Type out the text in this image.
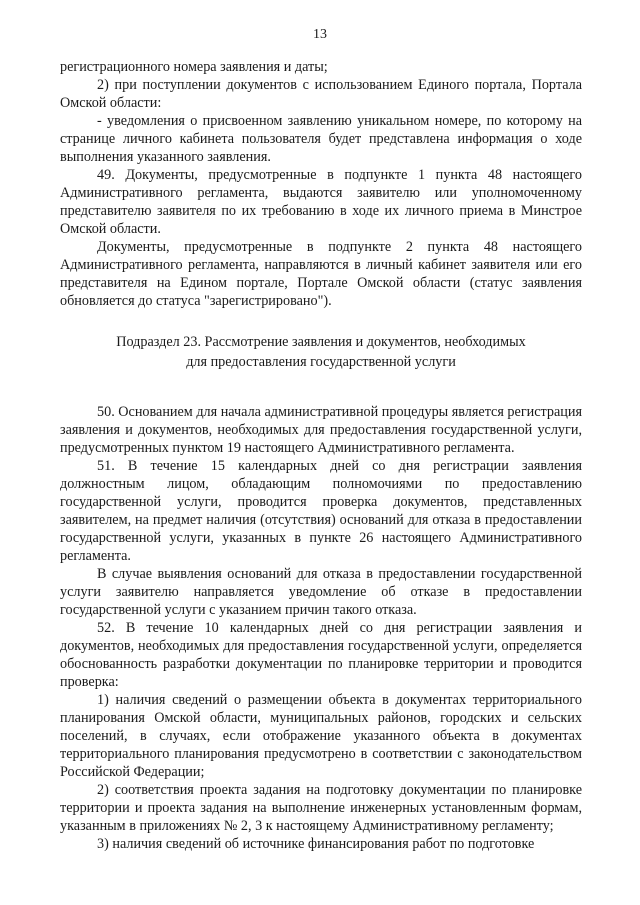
13

регистрационного номера заявления и даты;

2) при поступлении документов с использованием Единого портала, Портала Омской области:

- уведомления о присвоенном заявлению уникальном номере, по которому на странице личного кабинета пользователя будет представлена информация о ходе выполнения указанного заявления.

49. Документы, предусмотренные в подпункте 1 пункта 48 настоящего Административного регламента, выдаются заявителю или уполномоченному представителю заявителя по их требованию в ходе их личного приема в Минстрое Омской области.

Документы, предусмотренные в подпункте 2 пункта 48 настоящего Административного регламента, направляются в личный кабинет заявителя или его представителя на Едином портале, Портале Омской области (статус заявления обновляется до статуса "зарегистрировано").

Подраздел 23. Рассмотрение заявления и документов, необходимых
для предоставления государственной услуги

50. Основанием для начала административной процедуры является регистрация заявления и документов, необходимых для предоставления государственной услуги, предусмотренных пунктом 19 настоящего Административного регламента.

51. В течение 15 календарных дней со дня регистрации заявления должностным лицом, обладающим полномочиями по предоставлению государственной услуги, проводится проверка документов, представленных заявителем, на предмет наличия (отсутствия) оснований для отказа в предоставлении государственной услуги, указанных в пункте 26 настоящего Административного регламента.

В случае выявления оснований для отказа в предоставлении государственной услуги заявителю направляется уведомление об отказе в предоставлении государственной услуги с указанием причин такого отказа.

52. В течение 10 календарных дней со дня регистрации заявления и документов, необходимых для предоставления государственной услуги, определяется обоснованность разработки документации по планировке территории и проводится проверка:

1) наличия сведений о размещении объекта в документах территориального планирования Омской области, муниципальных районов, городских и сельских поселений, в случаях, если отображение указанного объекта в документах территориального планирования предусмотрено в соответствии с законодательством Российской Федерации;

2) соответствия проекта задания на подготовку документации по планировке территории и проекта задания на выполнение инженерных установленным формам, указанным в приложениях № 2, 3 к настоящему Административному регламенту;

3) наличия сведений об источнике финансирования работ по подготовке
